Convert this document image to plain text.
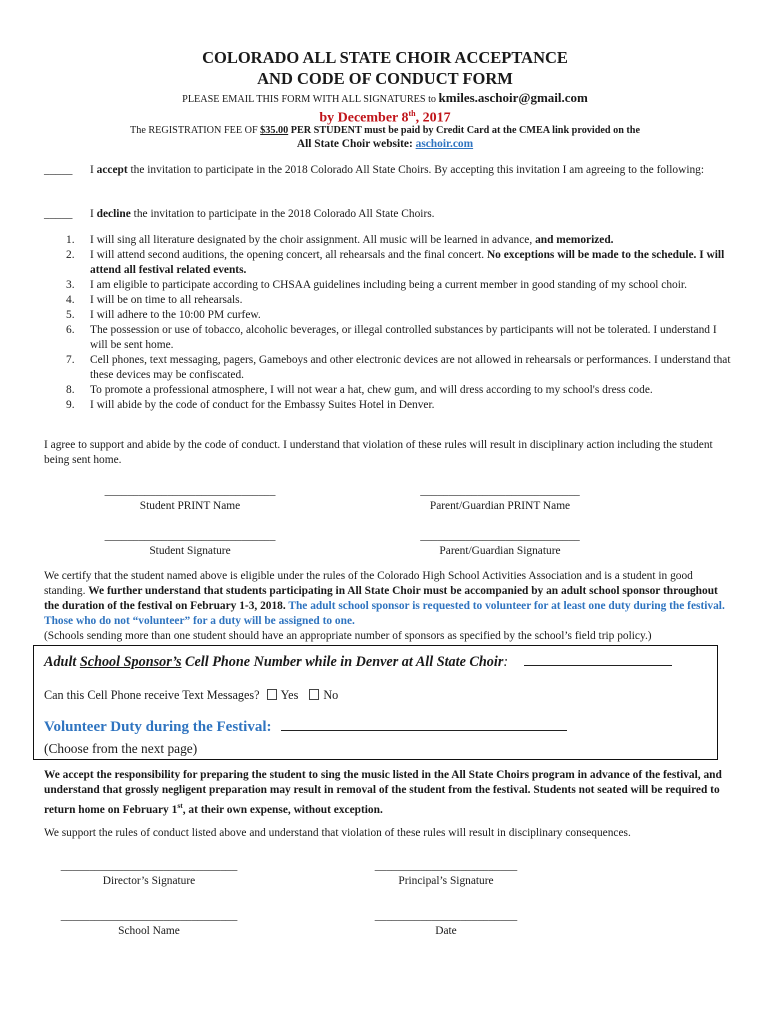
COLORADO ALL STATE CHOIR ACCEPTANCE
AND CODE OF CONDUCT FORM
PLEASE EMAIL THIS FORM WITH ALL SIGNATURES to kmiles.aschoir@gmail.com
by December 8th, 2017
The REGISTRATION FEE OF $35.00 PER STUDENT must be paid by Credit Card at the CMEA link provided on the
All State Choir website: aschoir.com
_____ I accept the invitation to participate in the 2018 Colorado All State Choirs. By accepting this invitation I am agreeing to the following:
_____ I decline the invitation to participate in the 2018 Colorado All State Choirs.
1. I will sing all literature designated by the choir assignment. All music will be learned in advance, and memorized.
2. I will attend second auditions, the opening concert, all rehearsals and the final concert. No exceptions will be made to the schedule. I will attend all festival related events.
3. I am eligible to participate according to CHSAA guidelines including being a current member in good standing of my school choir.
4. I will be on time to all rehearsals.
5. I will adhere to the 10:00 PM curfew.
6. The possession or use of tobacco, alcoholic beverages, or illegal controlled substances by participants will not be tolerated. I understand I will be sent home.
7. Cell phones, text messaging, pagers, Gameboys and other electronic devices are not allowed in rehearsals or performances. I understand that these devices may be confiscated.
8. To promote a professional atmosphere, I will not wear a hat, chew gum, and will dress according to my school's dress code.
9. I will abide by the code of conduct for the Embassy Suites Hotel in Denver.
I agree to support and abide by the code of conduct. I understand that violation of these rules will result in disciplinary action including the student being sent home.
______________________________
Student PRINT Name
____________________________
Parent/Guardian PRINT Name
______________________________
Student Signature
____________________________
Parent/Guardian Signature
We certify that the student named above is eligible under the rules of the Colorado High School Activities Association and is a student in good standing. We further understand that students participating in All State Choir must be accompanied by an adult school sponsor throughout the duration of the festival on February 1-3, 2018. The adult school sponsor is requested to volunteer for at least one duty during the festival. Those who do not “volunteer” for a duty will be assigned to one.
(Schools sending more than one student should have an appropriate number of sponsors as specified by the school’s field trip policy.)
Adult School Sponsor’s Cell Phone Number while in Denver at All State Choir:
Can this Cell Phone receive Text Messages? Yes No
Volunteer Duty during the Festival:
(Choose from the next page)
We accept the responsibility for preparing the student to sing the music listed in the All State Choirs program in advance of the festival, and understand that grossly negligent preparation may result in removal of the student from the festival. Students not seated will be required to return home on February 1st, at their own expense, without exception.
We support the rules of conduct listed above and understand that violation of these rules will result in disciplinary consequences.
_______________________________
Director’s Signature
_________________________
Principal’s Signature
_______________________________
School Name
_________________________
Date
